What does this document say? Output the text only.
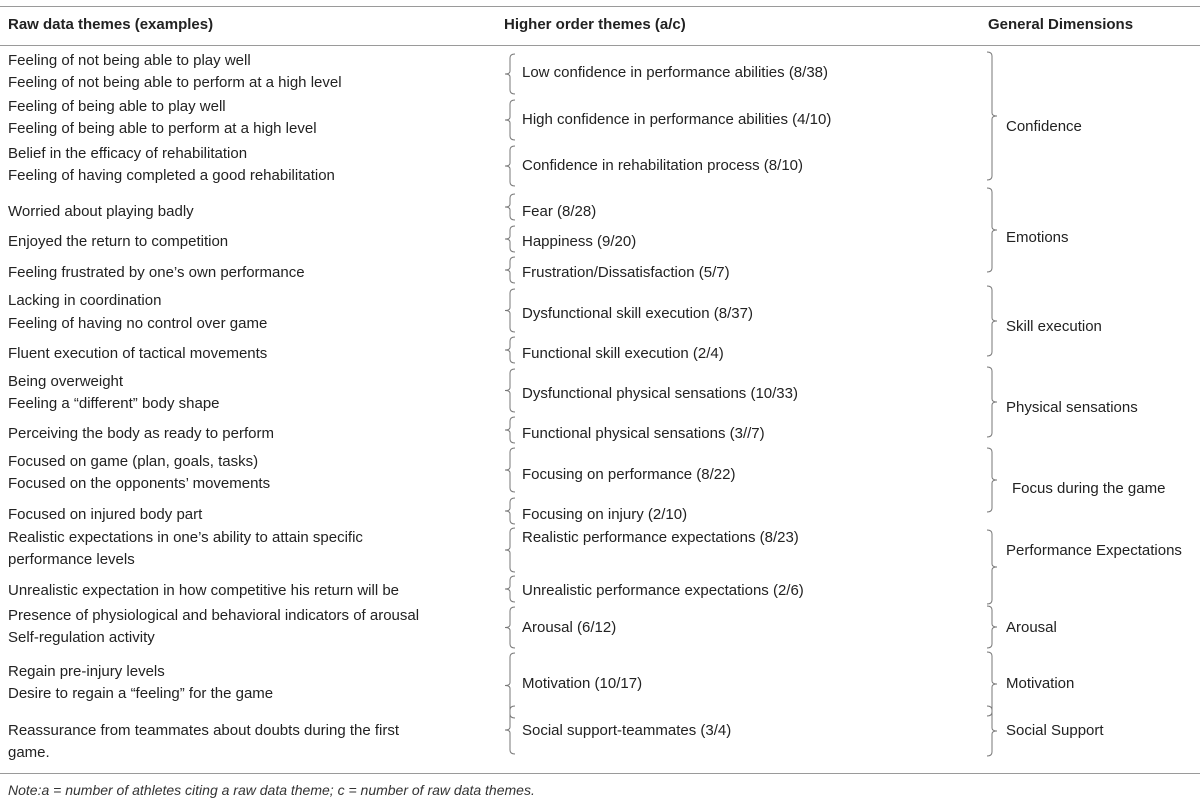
Raw data themes (examples)	Higher order themes (a/c)	General Dimensions
Feeling of not being able to play well
Feeling of not being able to perform at a high level
Feeling of being able to play well
Feeling of being able to perform at a high level
Belief in the efficacy of rehabilitation
Feeling of having completed a good rehabilitation
Worried about playing badly
Enjoyed the return to competition
Feeling frustrated by one’s own performance
Lacking in coordination
Feeling of having no control over game
Fluent execution of tactical movements
Being overweight
Feeling a “different” body shape
Perceiving the body as ready to perform
Focused on game (plan, goals, tasks)
Focused on the opponents’ movements
Focused on injured body part
Realistic expectations in one’s ability to attain specific
performance levels
Unrealistic expectation in how competitive his return will be
Presence of physiological and behavioral indicators of arousal
Self-regulation activity
Regain pre-injury levels
Desire to regain a “feeling” for the game
Reassurance from teammates about doubts during the first
game.
Low confidence in performance abilities (8/38)
High confidence in performance abilities (4/10)
Confidence in rehabilitation process (8/10)
Fear (8/28)
Happiness (9/20)
Frustration/Dissatisfaction (5/7)
Dysfunctional skill execution (8/37)
Functional skill execution (2/4)
Dysfunctional physical sensations (10/33)
Functional physical sensations (3//7)
Focusing on performance (8/22)
Focusing on injury (2/10)
Realistic performance expectations (8/23)
Unrealistic performance expectations (2/6)
Arousal (6/12)
Motivation (10/17)
Social support-teammates (3/4)
Confidence
Emotions
Skill execution
Physical sensations
Focus during the game
Performance Expectations
Arousal
Motivation
Social Support
Note:a = number of athletes citing a raw data theme; c = number of raw data themes.
